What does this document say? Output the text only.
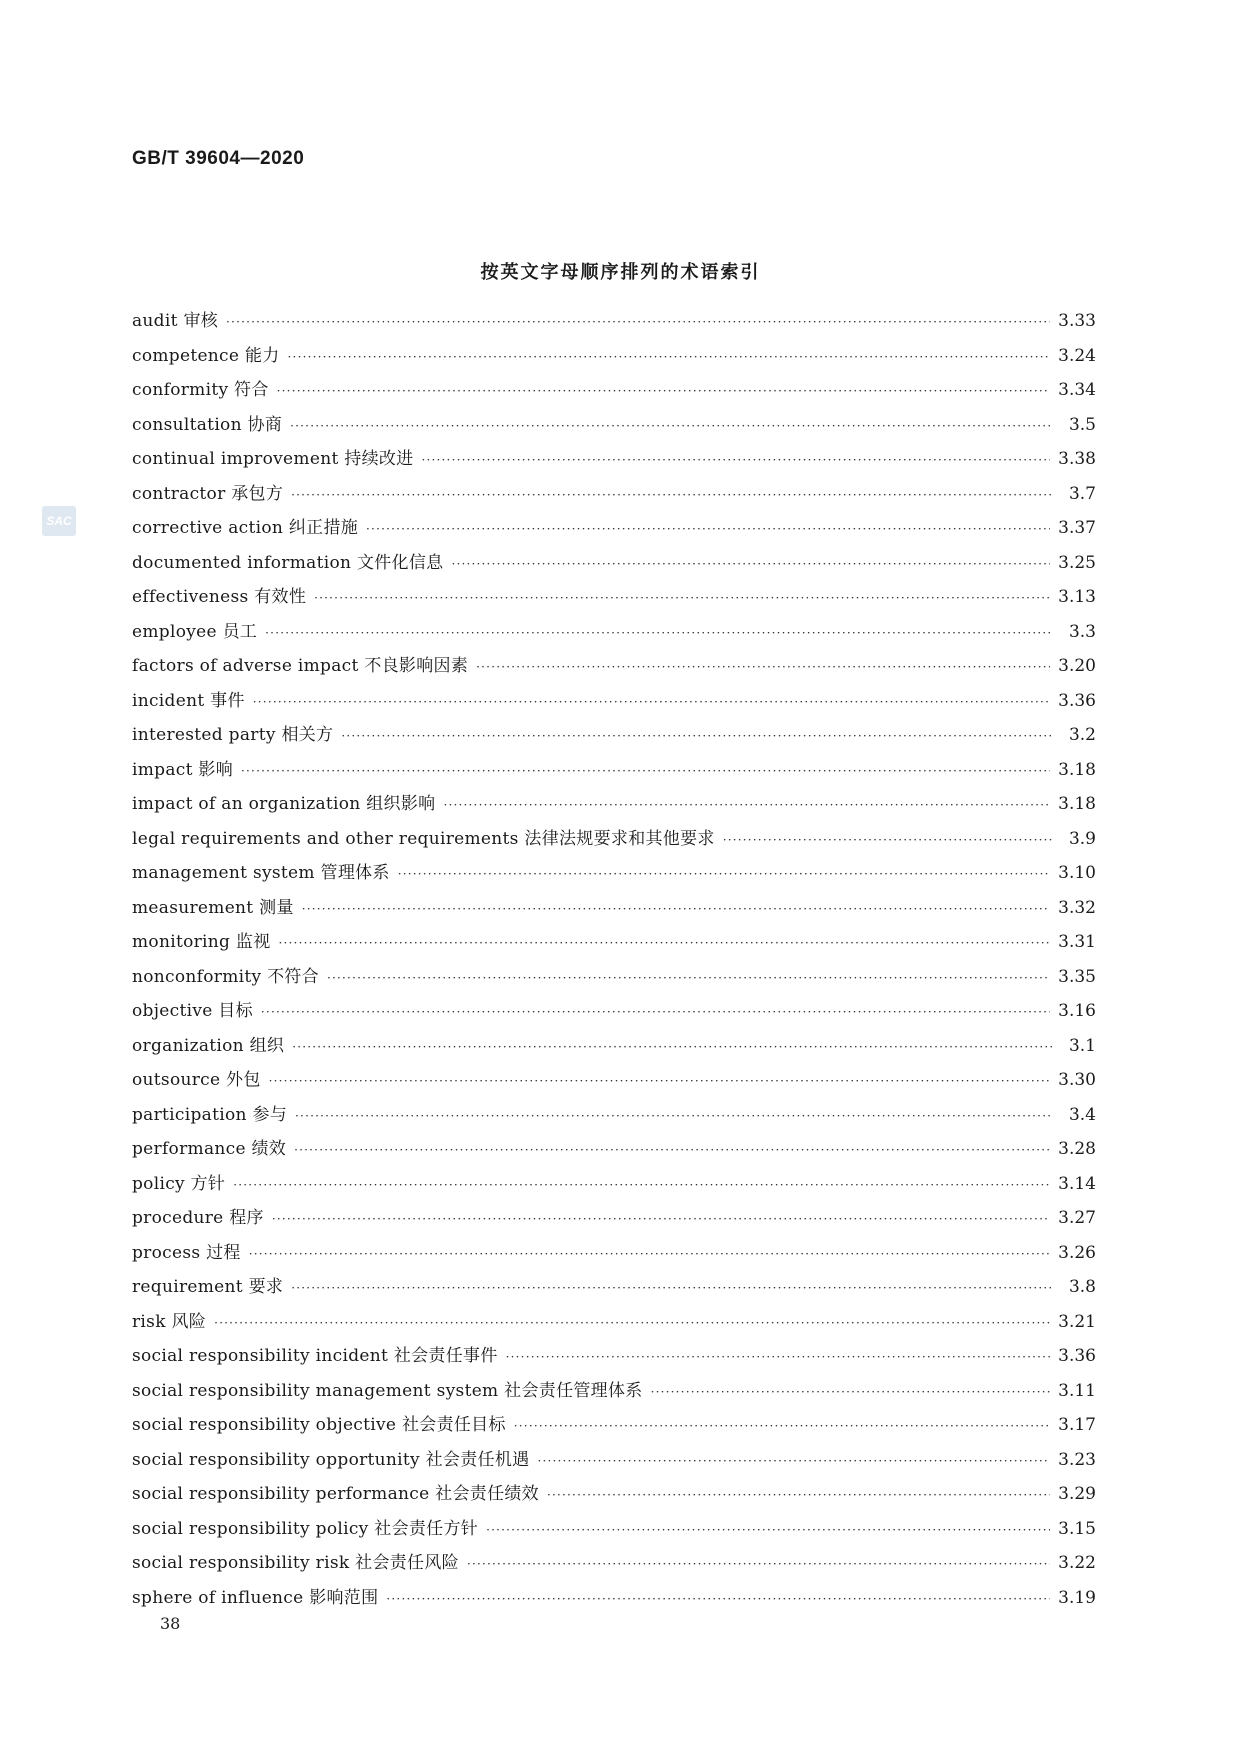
GB/T 39604—2020
SAC
按英文字母顺序排列的术语索引
audit 审核 ·····	3.33
competence 能力 ·····	3.24
conformity 符合 ·····	3.34
consultation 协商 ·····	3.5
continual improvement 持续改进 ·····	3.38
contractor 承包方 ·····	3.7
corrective action 纠正措施 ·····	3.37
documented information 文件化信息 ·····	3.25
effectiveness 有效性 ·····	3.13
employee 员工 ·····	3.3
factors of adverse impact 不良影响因素 ·····	3.20
incident 事件 ·····	3.36
interested party 相关方 ·····	3.2
impact 影响 ·····	3.18
impact of an organization 组织影响 ·····	3.18
legal requirements and other requirements 法律法规要求和其他要求 ·····	3.9
management system 管理体系 ·····	3.10
measurement 测量 ·····	3.32
monitoring 监视 ·····	3.31
nonconformity 不符合 ·····	3.35
objective 目标 ·····	3.16
organization 组织 ·····	3.1
outsource 外包 ·····	3.30
participation 参与 ·····	3.4
performance 绩效 ·····	3.28
policy 方针 ·····	3.14
procedure 程序 ·····	3.27
process 过程 ·····	3.26
requirement 要求 ·····	3.8
risk 风险 ·····	3.21
social responsibility incident 社会责任事件 ·····	3.36
social responsibility management system 社会责任管理体系 ·····	3.11
social responsibility objective 社会责任目标 ·····	3.17
social responsibility opportunity 社会责任机遇 ·····	3.23
social responsibility performance 社会责任绩效 ·····	3.29
social responsibility policy 社会责任方针 ·····	3.15
social responsibility risk 社会责任风险 ·····	3.22
sphere of influence 影响范围 ·····	3.19
38
